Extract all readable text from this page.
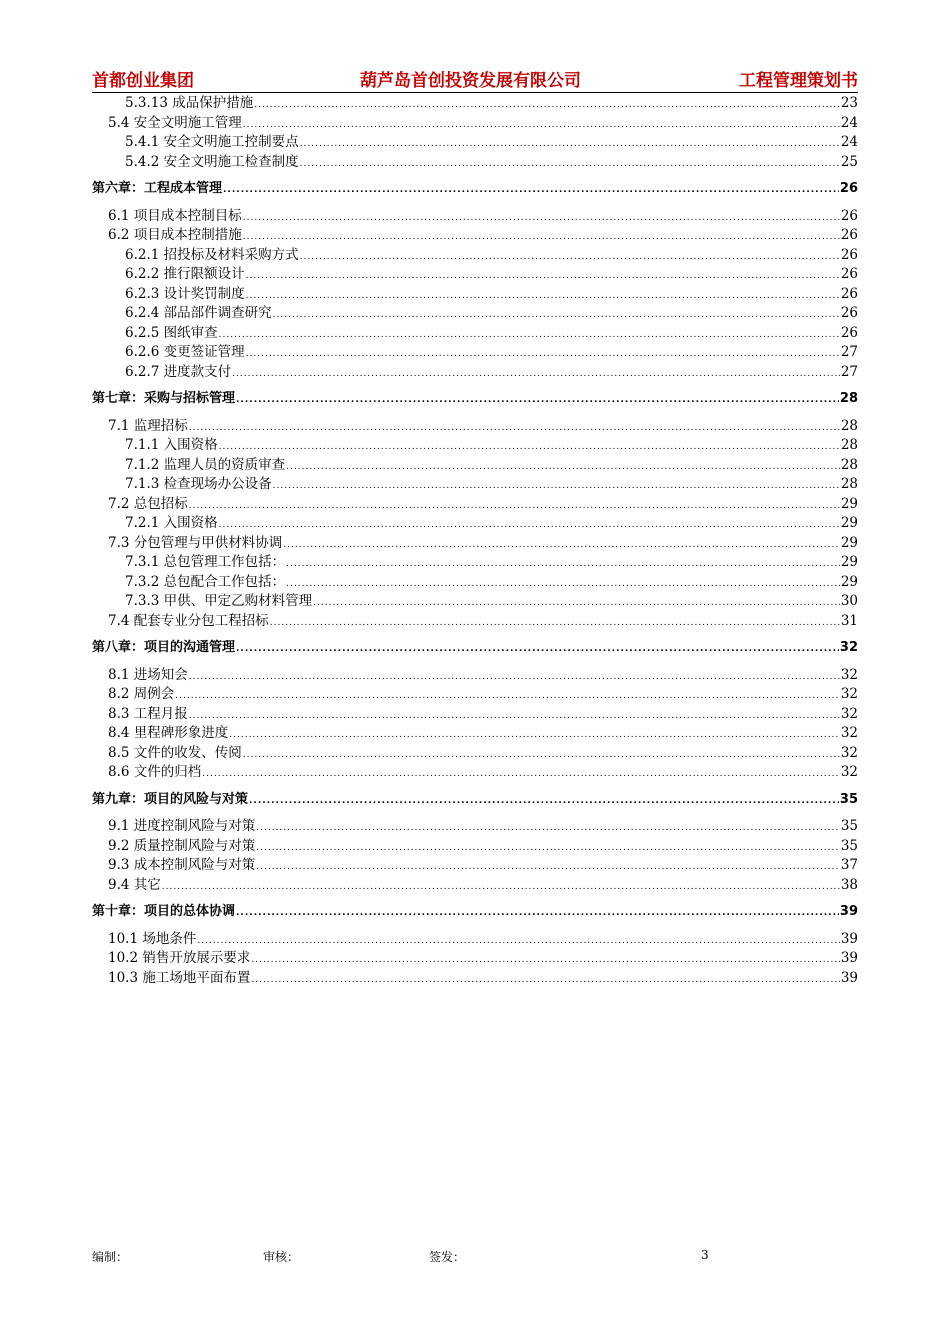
首都创业集团	葫芦岛首创投资发展有限公司	工程管理策划书
5.3.13 成品保护措施 .....	23
5.4 安全文明施工管理 .....	24
5.4.1 安全文明施工控制要点 .....	24
5.4.2 安全文明施工检查制度 .....	25
第六章：工程成本管理 .....	26
6.1 项目成本控制目标 .....	26
6.2 项目成本控制措施 .....	26
6.2.1 招投标及材料采购方式 .....	26
6.2.2 推行限额设计 .....	26
6.2.3 设计奖罚制度 .....	26
6.2.4 部品部件调查研究 .....	26
6.2.5 图纸审查 .....	26
6.2.6 变更签证管理 .....	27
6.2.7 进度款支付 .....	27
第七章：采购与招标管理 .....	28
7.1 监理招标 .....	28
7.1.1 入围资格 .....	28
7.1.2 监理人员的资质审查 .....	28
7.1.3 检查现场办公设备 .....	28
7.2 总包招标 .....	29
7.2.1 入围资格 .....	29
7.3 分包管理与甲供材料协调 .....	29
7.3.1 总包管理工作包括： .....	29
7.3.2 总包配合工作包括： .....	29
7.3.3 甲供、甲定乙购材料管理 .....	30
7.4 配套专业分包工程招标 .....	31
第八章：项目的沟通管理 .....	32
8.1 进场知会 .....	32
8.2 周例会 .....	32
8.3 工程月报 .....	32
8.4 里程碑形象进度 .....	32
8.5 文件的收发、传阅 .....	32
8.6 文件的归档 .....	32
第九章：项目的风险与对策 .....	35
9.1 进度控制风险与对策 .....	35
9.2 质量控制风险与对策 .....	35
9.3 成本控制风险与对策 .....	37
9.4 其它 .....	38
第十章：项目的总体协调 .....	39
10.1 场地条件 .....	39
10.2 销售开放展示要求 .....	39
10.3 施工场地平面布置 .....	39
编制：	审核：	签发：	3
